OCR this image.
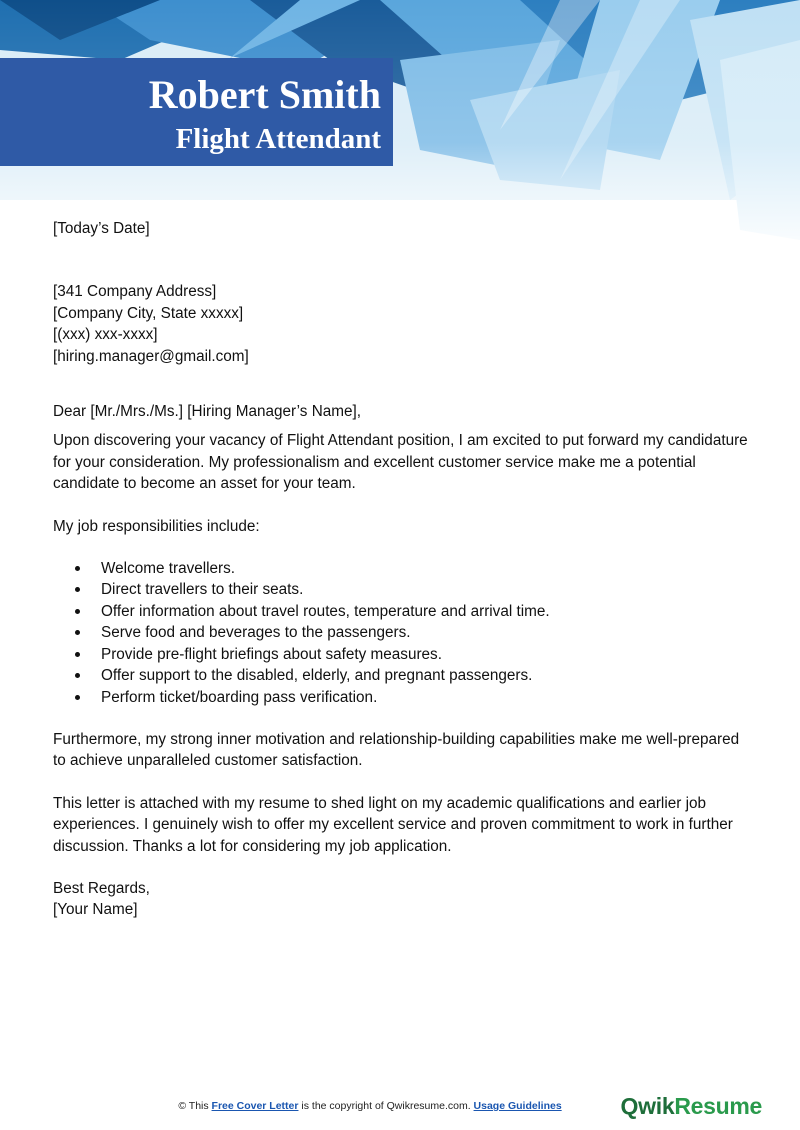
Robert Smith
Flight Attendant

[Today’s Date]

[341 Company Address]

[Company City, State xxxxx]

[(xxx) xxx-xxxx]

[hiring.manager@gmail.com]

Dear [Mr./Mrs./Ms.] [Hiring Manager’s Name],

Upon discovering your vacancy of Flight Attendant position, I am excited to put forward my candidature for your consideration. My professionalism and excellent customer service make me a potential candidate to become an asset for your team.

My job responsibilities include:

Welcome travellers.
Direct travellers to their seats.
Offer information about travel routes, temperature and arrival time.
Serve food and beverages to the passengers.
Provide pre-flight briefings about safety measures.
Offer support to the disabled, elderly, and pregnant passengers.
Perform ticket/boarding pass verification.

Furthermore, my strong inner motivation and relationship-building capabilities make me well-prepared to achieve unparalleled customer satisfaction.

This letter is attached with my resume to shed light on my academic qualifications and earlier job experiences. I genuinely wish to offer my excellent service and proven commitment to work in further discussion. Thanks a lot for considering my job application.

Best Regards,

[Your Name]

© This Free Cover Letter is the copyright of Qwikresume.com. Usage Guidelines	QwikResume
